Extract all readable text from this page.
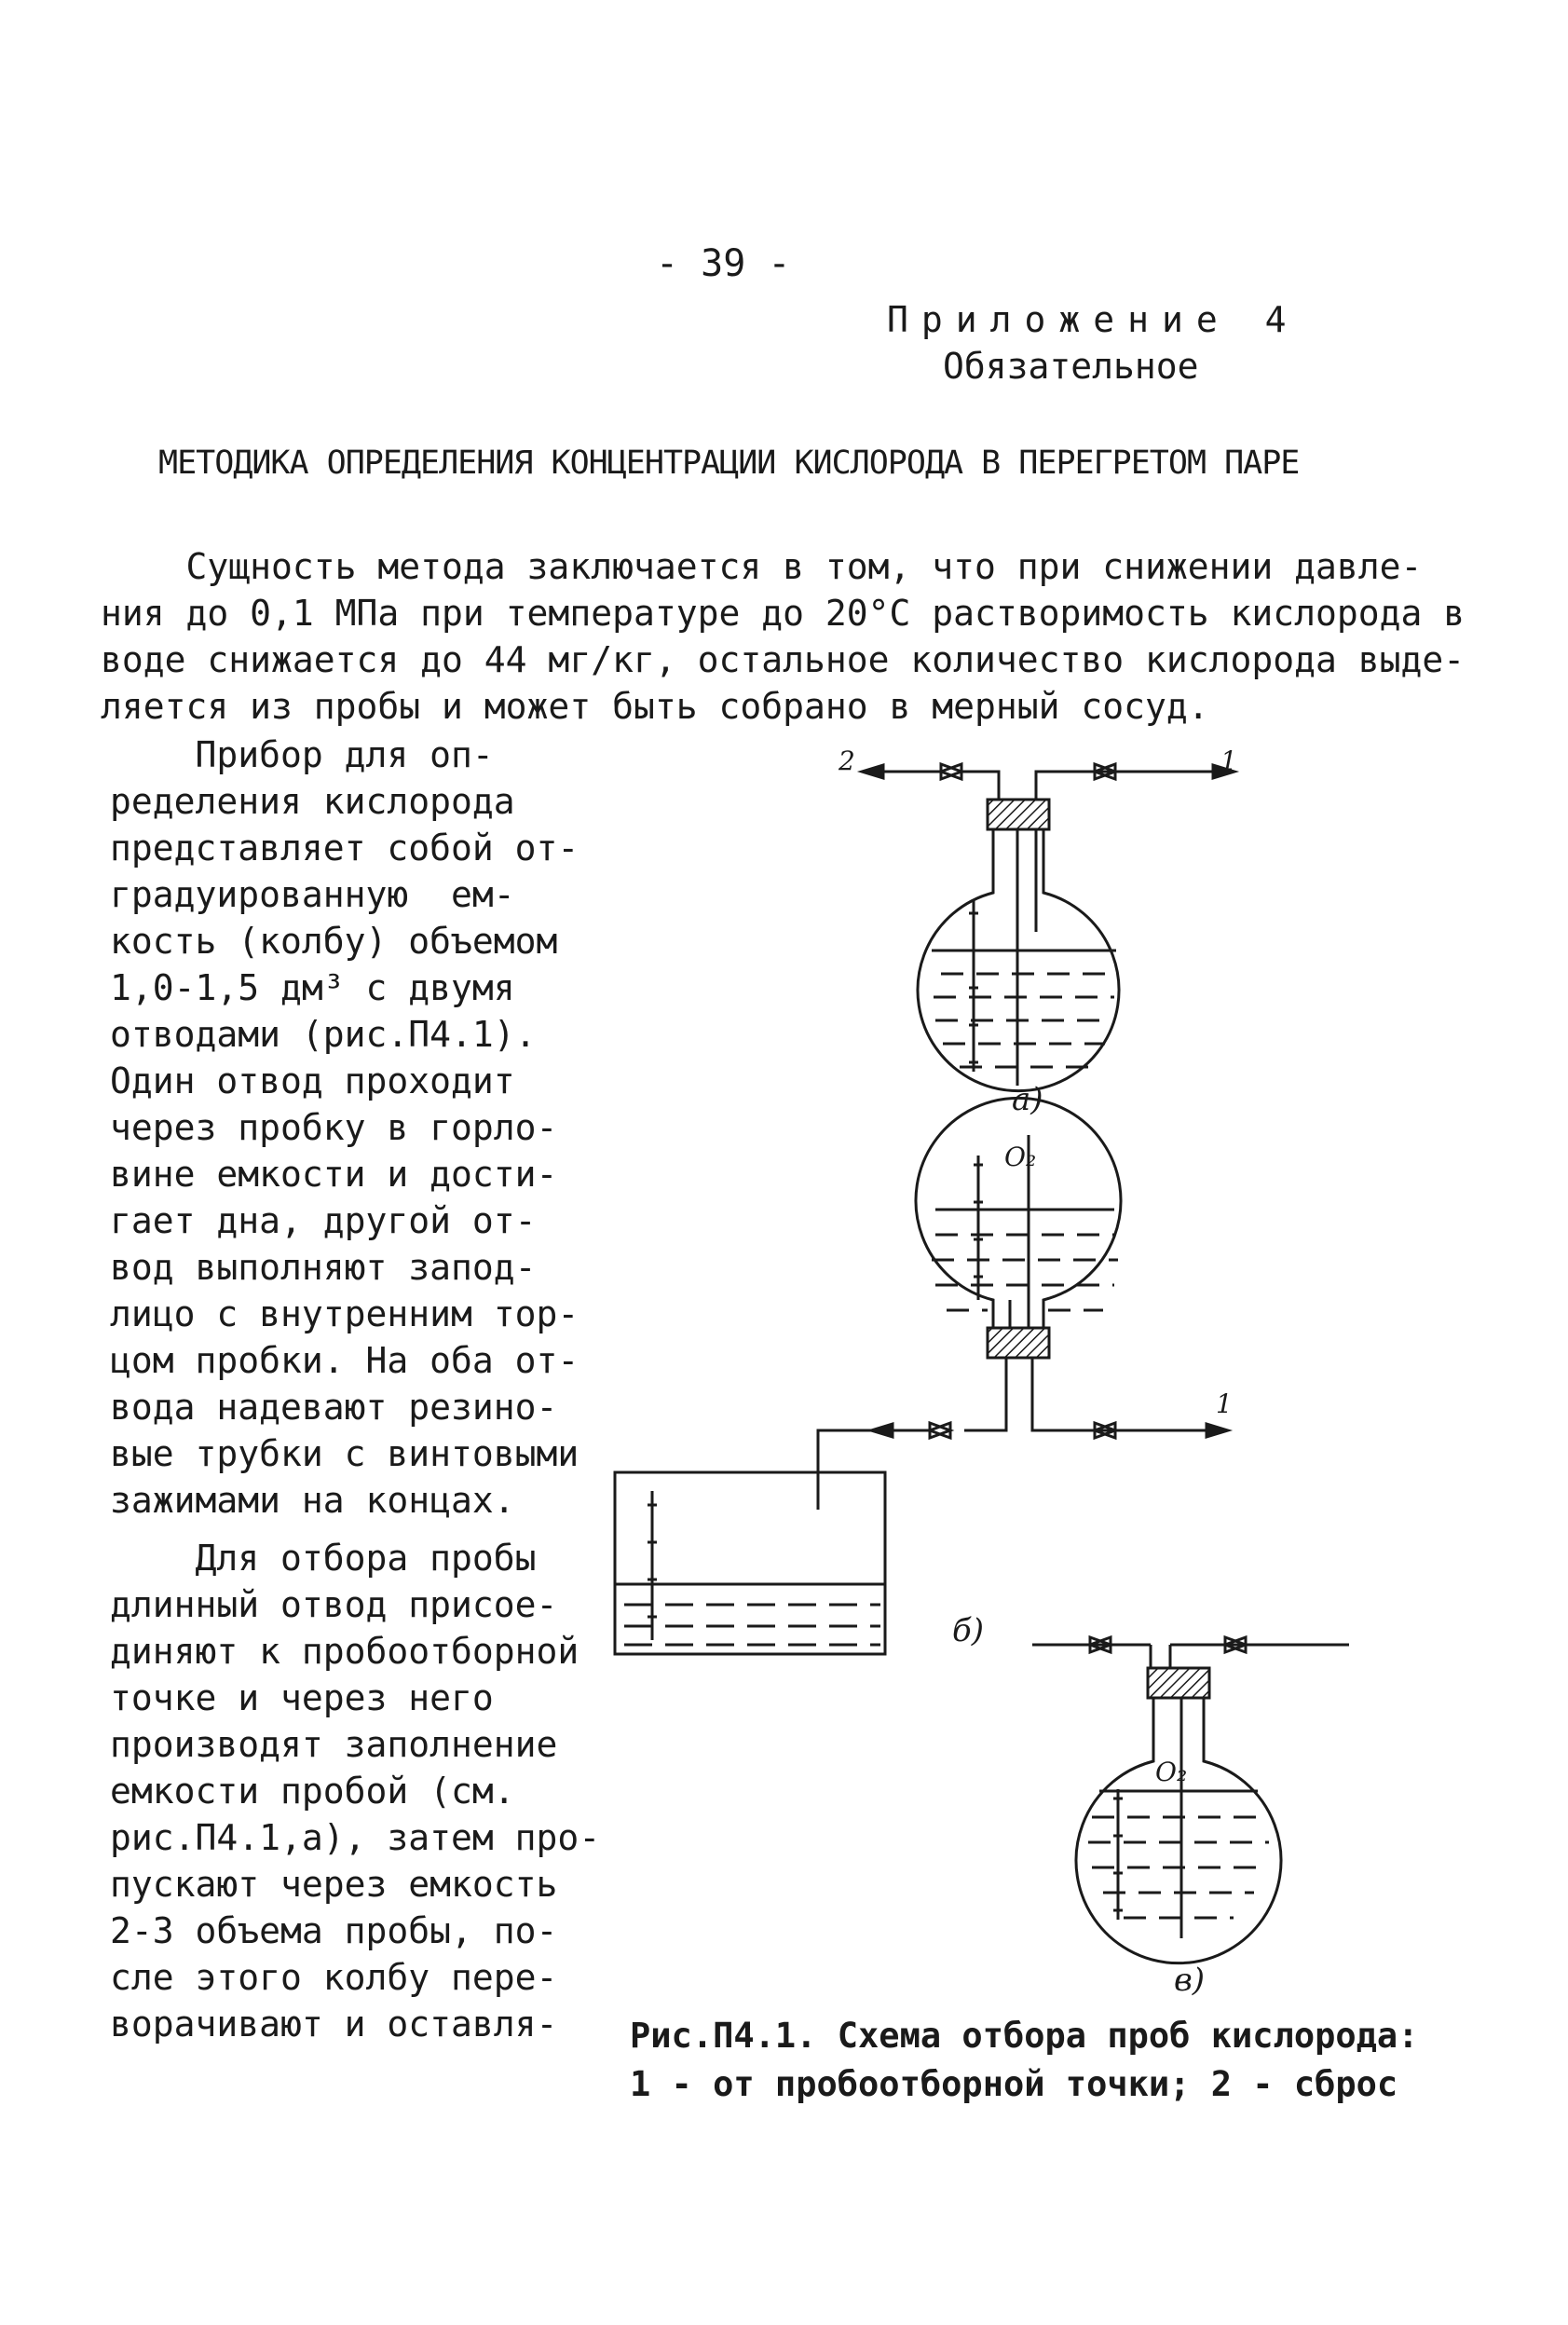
- 39 -
Приложение 4
Обязательное
МЕТОДИКА ОПРЕДЕЛЕНИЯ КОНЦЕНТРАЦИИ КИСЛОРОДА В ПЕРЕГРЕТОМ ПАРЕ
Сущность метода заключается в том, что при снижении давле-
ния до 0,1 МПа при температуре до 20°С растворимость кислорода в
воде снижается до 44 мг/кг, остальное количество кислорода выде-
ляется из пробы и может быть собрано в мерный сосуд.
Прибор для оп-
ределения кислорода
представляет собой от-
градуированную  ем-
кость (колбу) объемом
1,0-1,5 дм³ с двумя
отводами (рис.П4.1).
Один отвод проходит
через пробку в горло-
вине емкости и дости-
гает дна, другой от-
вод выполняют запод-
лицо с внутренним тор-
цом пробки. На оба от-
вода надевают резино-
вые трубки с винтовыми
зажимами на концах.
Для отбора пробы
длинный отвод присое-
диняют к пробоотборной
точке и через него
производят заполнение
емкости пробой (см.
рис.П4.1,а), затем про-
пускают через емкость
2-3 объема пробы, по-
сле этого колбу пере-
ворачивают и оставля-
2	1
1
а)
б)
в)
O₂
O₂
Рис.П4.1. Схема отбора проб кислорода:
1 - от пробоотборной точки; 2 - сброс
